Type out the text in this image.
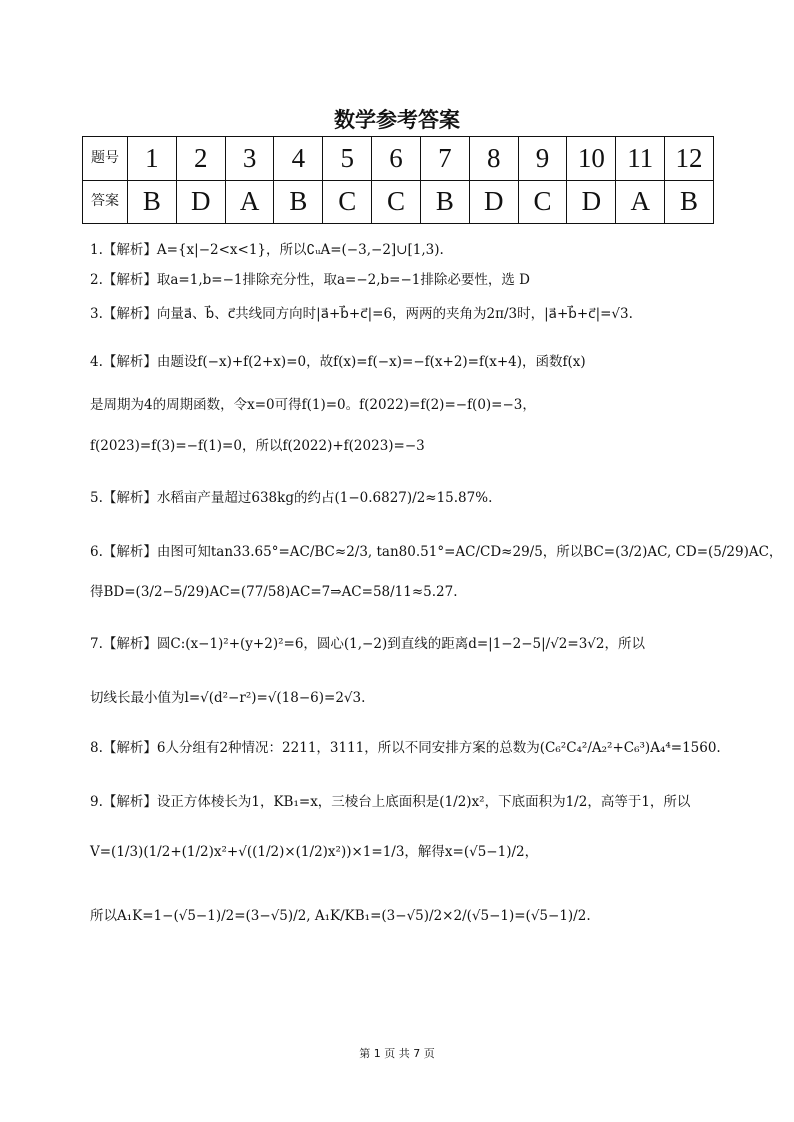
数学参考答案
题号	1	2	3	4	5	6	7	8	9	10	11	12
答案	B	D	A	B	C	C	B	D	C	D	A	B
1.【解析】A={x|−2<x<1}，所以∁ᵤA=(−3,−2]∪[1,3).
2.【解析】取a=1,b=−1排除充分性，取a=−2,b=−1排除必要性，选 D
3.【解析】向量a⃗、b⃗、c⃗共线同方向时|a⃗+b⃗+c⃗|=6，两两的夹角为2π/3时，|a⃗+b⃗+c⃗|=√3.
4.【解析】由题设f(−x)+f(2+x)=0，故f(x)=f(−x)=−f(x+2)=f(x+4)，函数f(x)
是周期为4的周期函数，令x=0可得f(1)=0。f(2022)=f(2)=−f(0)=−3，
f(2023)=f(3)=−f(1)=0，所以f(2022)+f(2023)=−3
5.【解析】水稻亩产量超过638kg的约占(1−0.6827)/2≈15.87%.
6.【解析】由图可知tan33.65°=AC/BC≈2/3, tan80.51°=AC/CD≈29/5，所以BC=(3/2)AC, CD=(5/29)AC，
得BD=(3/2−5/29)AC=(77/58)AC=7⇒AC=58/11≈5.27.
7.【解析】圆C:(x−1)²+(y+2)²=6，圆心(1,−2)到直线的距离d=|1−2−5|/√2=3√2，所以
切线长最小值为l=√(d²−r²)=√(18−6)=2√3.
8.【解析】6人分组有2种情况：2211，3111，所以不同安排方案的总数为(C₆²C₄²/A₂²+C₆³)A₄⁴=1560.
9.【解析】设正方体棱长为1，KB₁=x，三棱台上底面积是(1/2)x²，下底面积为1/2，高等于1，所以
V=(1/3)(1/2+(1/2)x²+√((1/2)×(1/2)x²))×1=1/3，解得x=(√5−1)/2，
所以A₁K=1−(√5−1)/2=(3−√5)/2, A₁K/KB₁=(3−√5)/2×2/(√5−1)=(√5−1)/2.
第 1 页 共 7 页
